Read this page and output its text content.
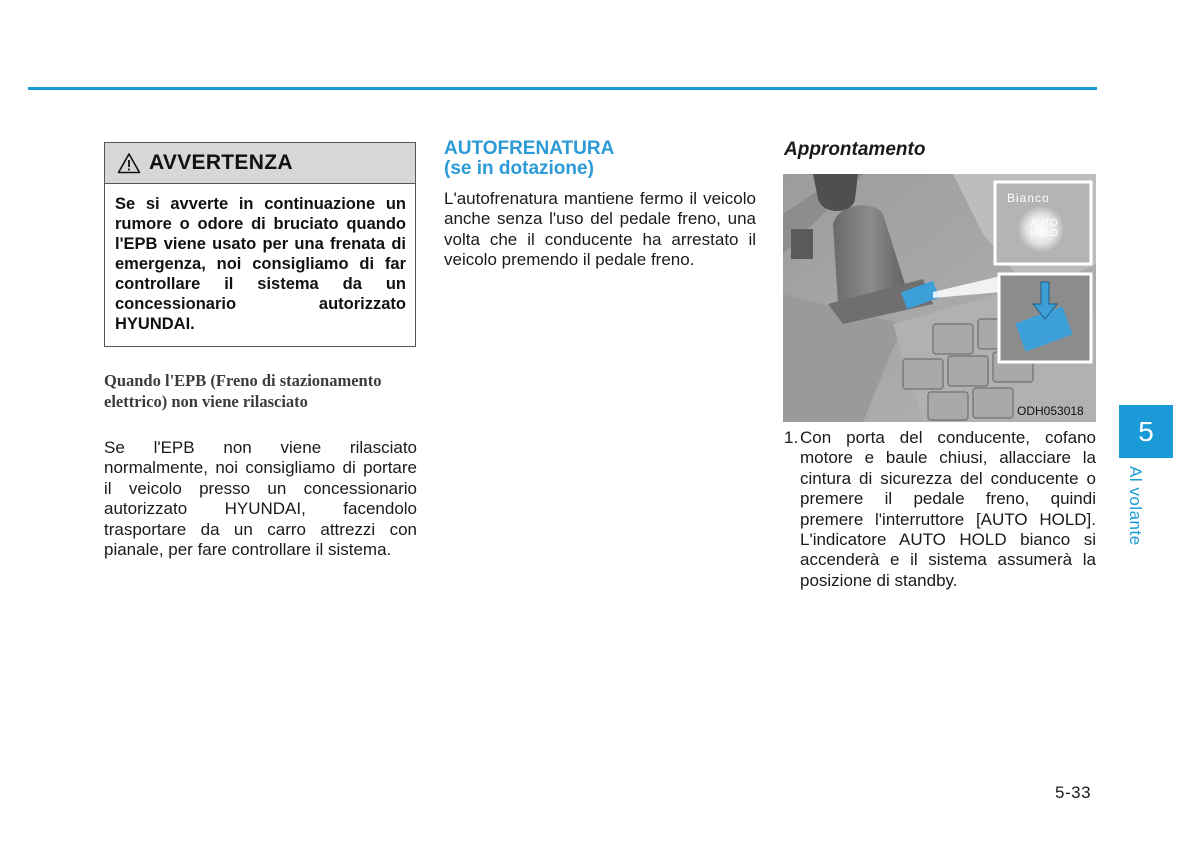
AVVERTENZA
Se si avverte in continuazione un rumore o odore di bruciato quando l'EPB viene usato per una frenata di emergenza, noi consigliamo di far controllare il sistema da un concessionario autorizzato HYUNDAI.
Quando l'EPB (Freno di stazionamento elettrico) non viene rilasciato
Se l'EPB non viene rilasciato normalmente, noi consigliamo di portare il veicolo presso un concessionario autorizzato HYUNDAI, facendolo trasportare da un carro attrezzi con pianale, per fare controllare il sistema.
AUTOFRENATURA
(se in dotazione)
L'autofrenatura mantiene fermo il veicolo anche senza l'uso del pedale freno, una volta che il conducente ha arrestato il veicolo premendo il pedale freno.
Approntamento
Bianco
AUTO
HOLD
ODH053018
1. Con porta del conducente, cofano motore e baule chiusi, allacciare la cintura di sicurezza del conducente o premere il pedale freno, quindi premere l'interruttore [AUTO HOLD]. L'indicatore AUTO HOLD bianco si accenderà e il sistema assumerà la posizione di standby.
5
Al volante
5-33
